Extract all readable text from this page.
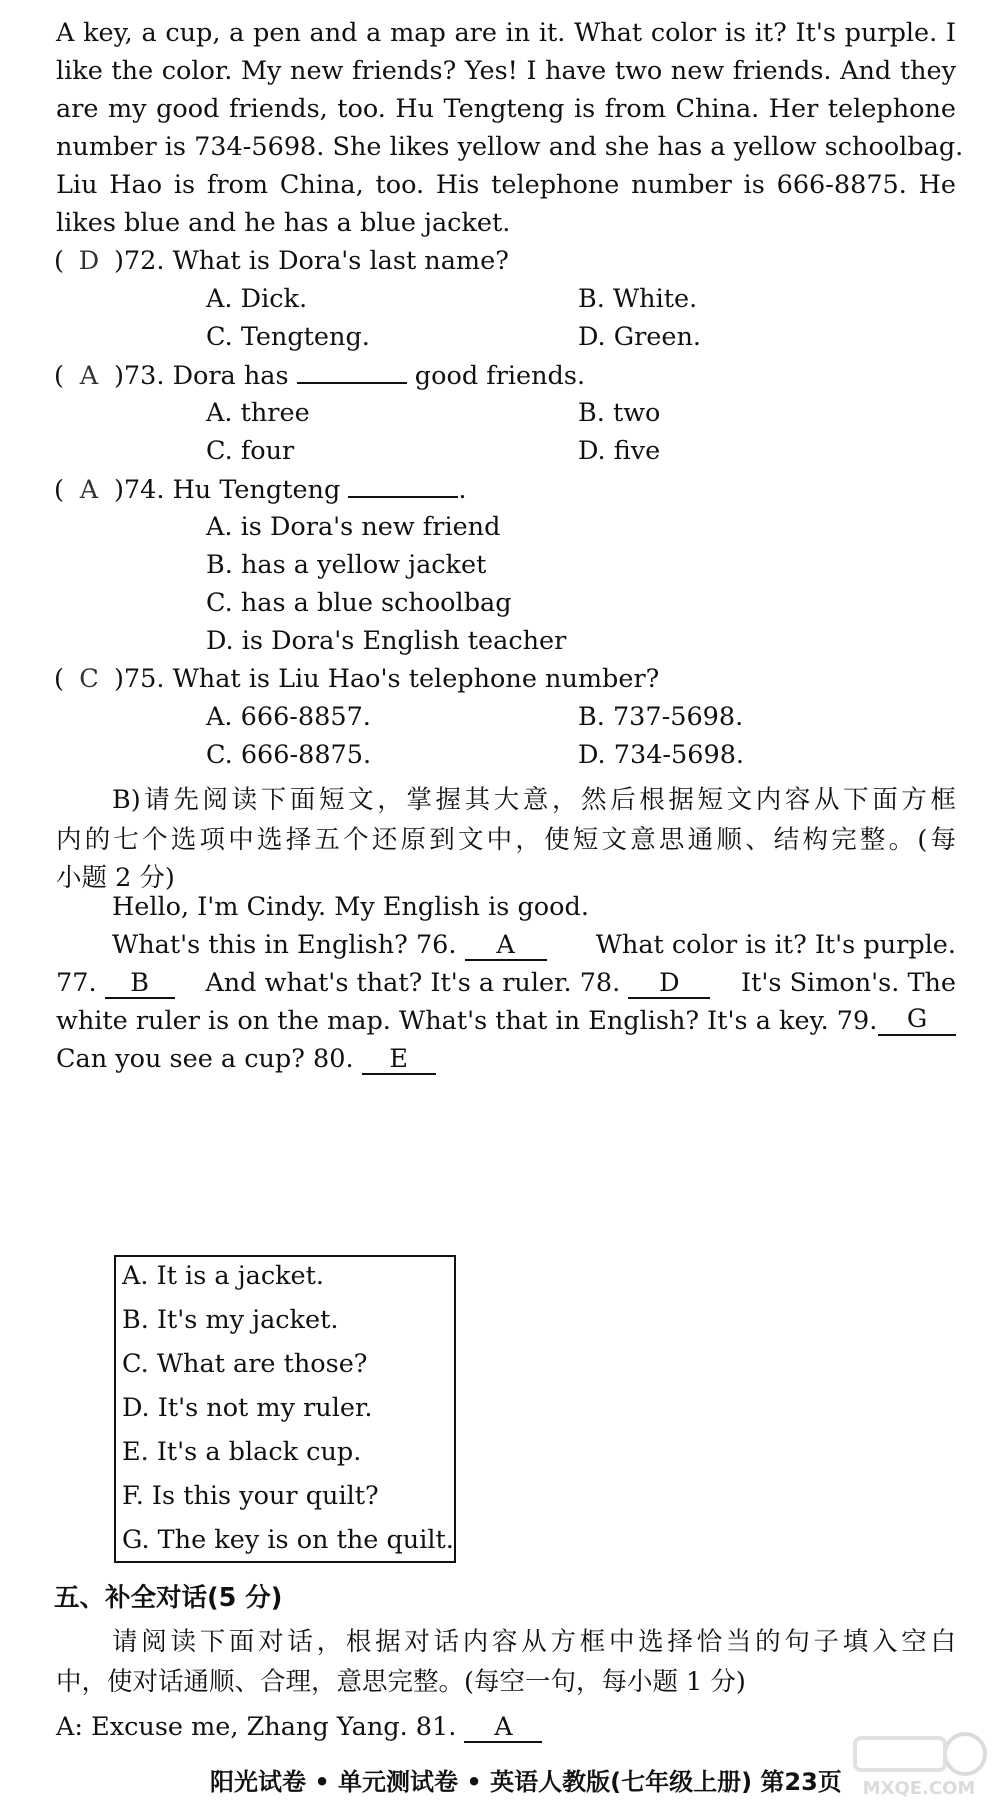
A key, a cup, a pen and a map are in it. What color is it? It's purple. I
like the color. My new friends? Yes! I have two new friends. And they
are my good friends, too. Hu Tengteng is from China. Her telephone
number is 734-5698. She likes yellow and she has a yellow schoolbag.
Liu Hao is from China, too. His telephone number is 666-8875. He
likes blue and he has a blue jacket.
( D )72. What is Dora's last name?
A. Dick.	B. White.
C. Tengteng.	D. Green.
( A )73. Dora has	good friends.
A. three	B. two
C. four	D. five
( A )74. Hu Tengteng	.
A. is Dora's new friend
B. has a yellow jacket
C. has a blue schoolbag
D. is Dora's English teacher
( C )75. What is Liu Hao's telephone number?
A. 666-8857.	B. 737-5698.
C. 666-8875.	D. 734-5698.
B)请先阅读下面短文，掌握其大意，然后根据短文内容从下面方框
内的七个选项中选择五个还原到文中，使短文意思通顺、结构完整。(每
小题 2 分)
Hello, I'm Cindy. My English is good.
What's this in English? 76. A	What color is it? It's purple.
77. B	And what's that? It's a ruler. 78. D	It's Simon's. The
white ruler is on the map. What's that in English? It's a key. 79.	G
Can you see a cup? 80. E
A. It is a jacket.
B. It's my jacket.
C. What are those?
D. It's not my ruler.
E. It's a black cup.
F. Is this your quilt?
G. The key is on the quilt.
五、补全对话(5 分)
请阅读下面对话，根据对话内容从方框中选择恰当的句子填入空白
中，使对话通顺、合理，意思完整。(每空一句，每小题 1 分)
A: Excuse me, Zhang Yang. 81. A
阳光试卷 • 单元测试卷 • 英语人教版(七年级上册) 第23页 MXQE.COM
